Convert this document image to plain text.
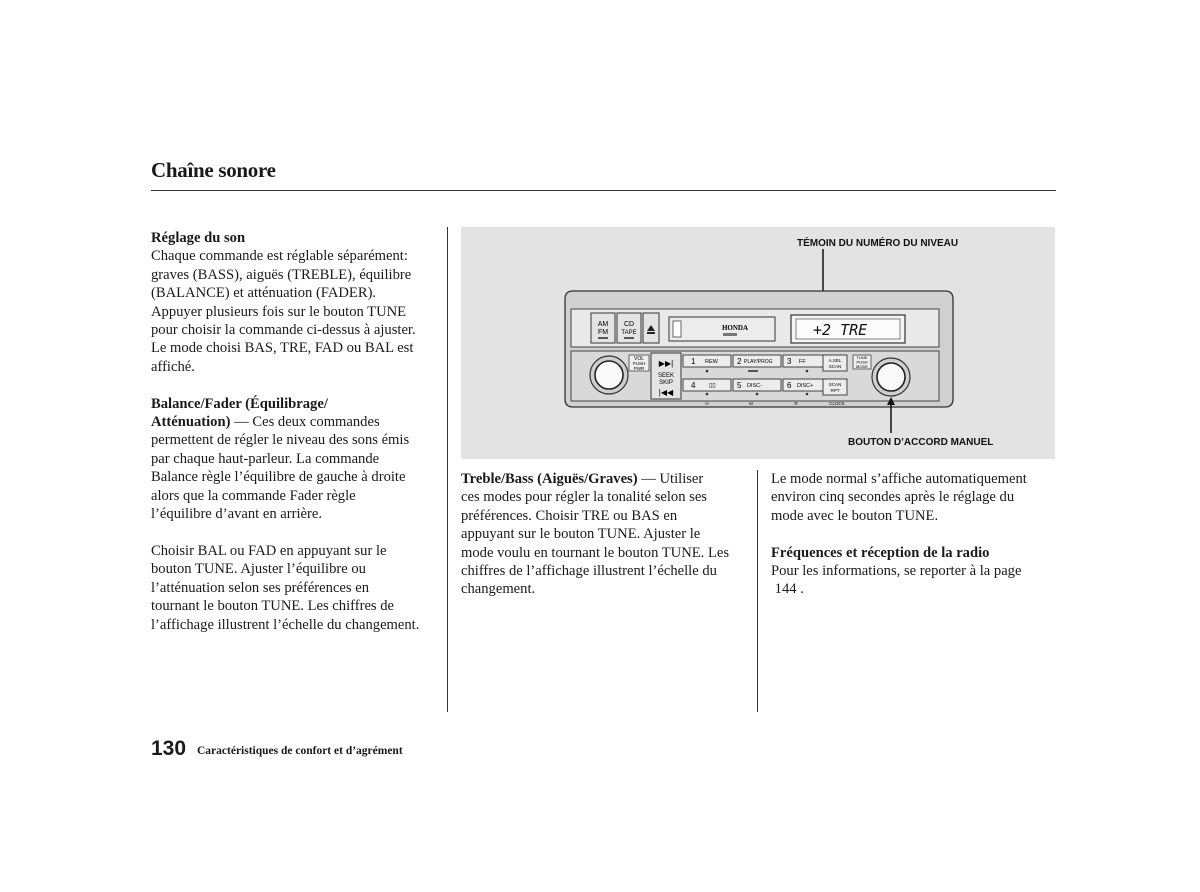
Chaîne sonore

Réglage du son

Chaque commande est réglable séparément:

graves (BASS), aiguës (TREBLE), équilibre

(BALANCE) et atténuation (FADER).

Appuyer plusieurs fois sur le bouton TUNE

pour choisir la commande ci-dessus à ajuster.

Le mode choisi BAS, TRE, FAD ou BAL est

affiché.

Balance/Fader (Équilibrage/

Atténuation) — Ces deux commandes

permettent de régler le niveau des sons émis

par chaque haut-parleur. La commande

Balance règle l’équilibre de gauche à droite

alors que la commande Fader règle

l’équilibre d’avant en arrière.

Choisir BAL ou FAD en appuyant sur le

bouton TUNE. Ajuster l’équilibre ou

l’atténuation selon ses préférences en

tournant le bouton TUNE. Les chiffres de

l’affichage illustrent l’échelle du changement.

TÉMOIN DU NUMÉRO DU NIVEAU
AM
FM
CD
TAPE
HONDA	+2 TRE
VOL
PUSH
PWR
▶▶|
SEEK
SKIP
|◀◀
1 REW 2 PLAY/PROG 3 FF
4 ▯▯	5 DISC-	6 DISC+
A.SEL
SCAN
SCAN
RPT
TUNE
PUSH
MODE
H	M	R	CLOCK
BOUTON D’ACCORD MANUEL

Treble/Bass (Aiguës/Graves) — Utiliser

ces modes pour régler la tonalité selon ses

préférences. Choisir TRE ou BAS en

appuyant sur le bouton TUNE. Ajuster le

mode voulu en tournant le bouton TUNE. Les

chiffres de l’affichage illustrent l’échelle du

changement.

Le mode normal s’affiche automatiquement

environ cinq secondes après le réglage du

mode avec le bouton TUNE.

Fréquences et réception de la radio

Pour les informations, se reporter à la page

144 .

130 Caractéristiques de confort et d’agrément
